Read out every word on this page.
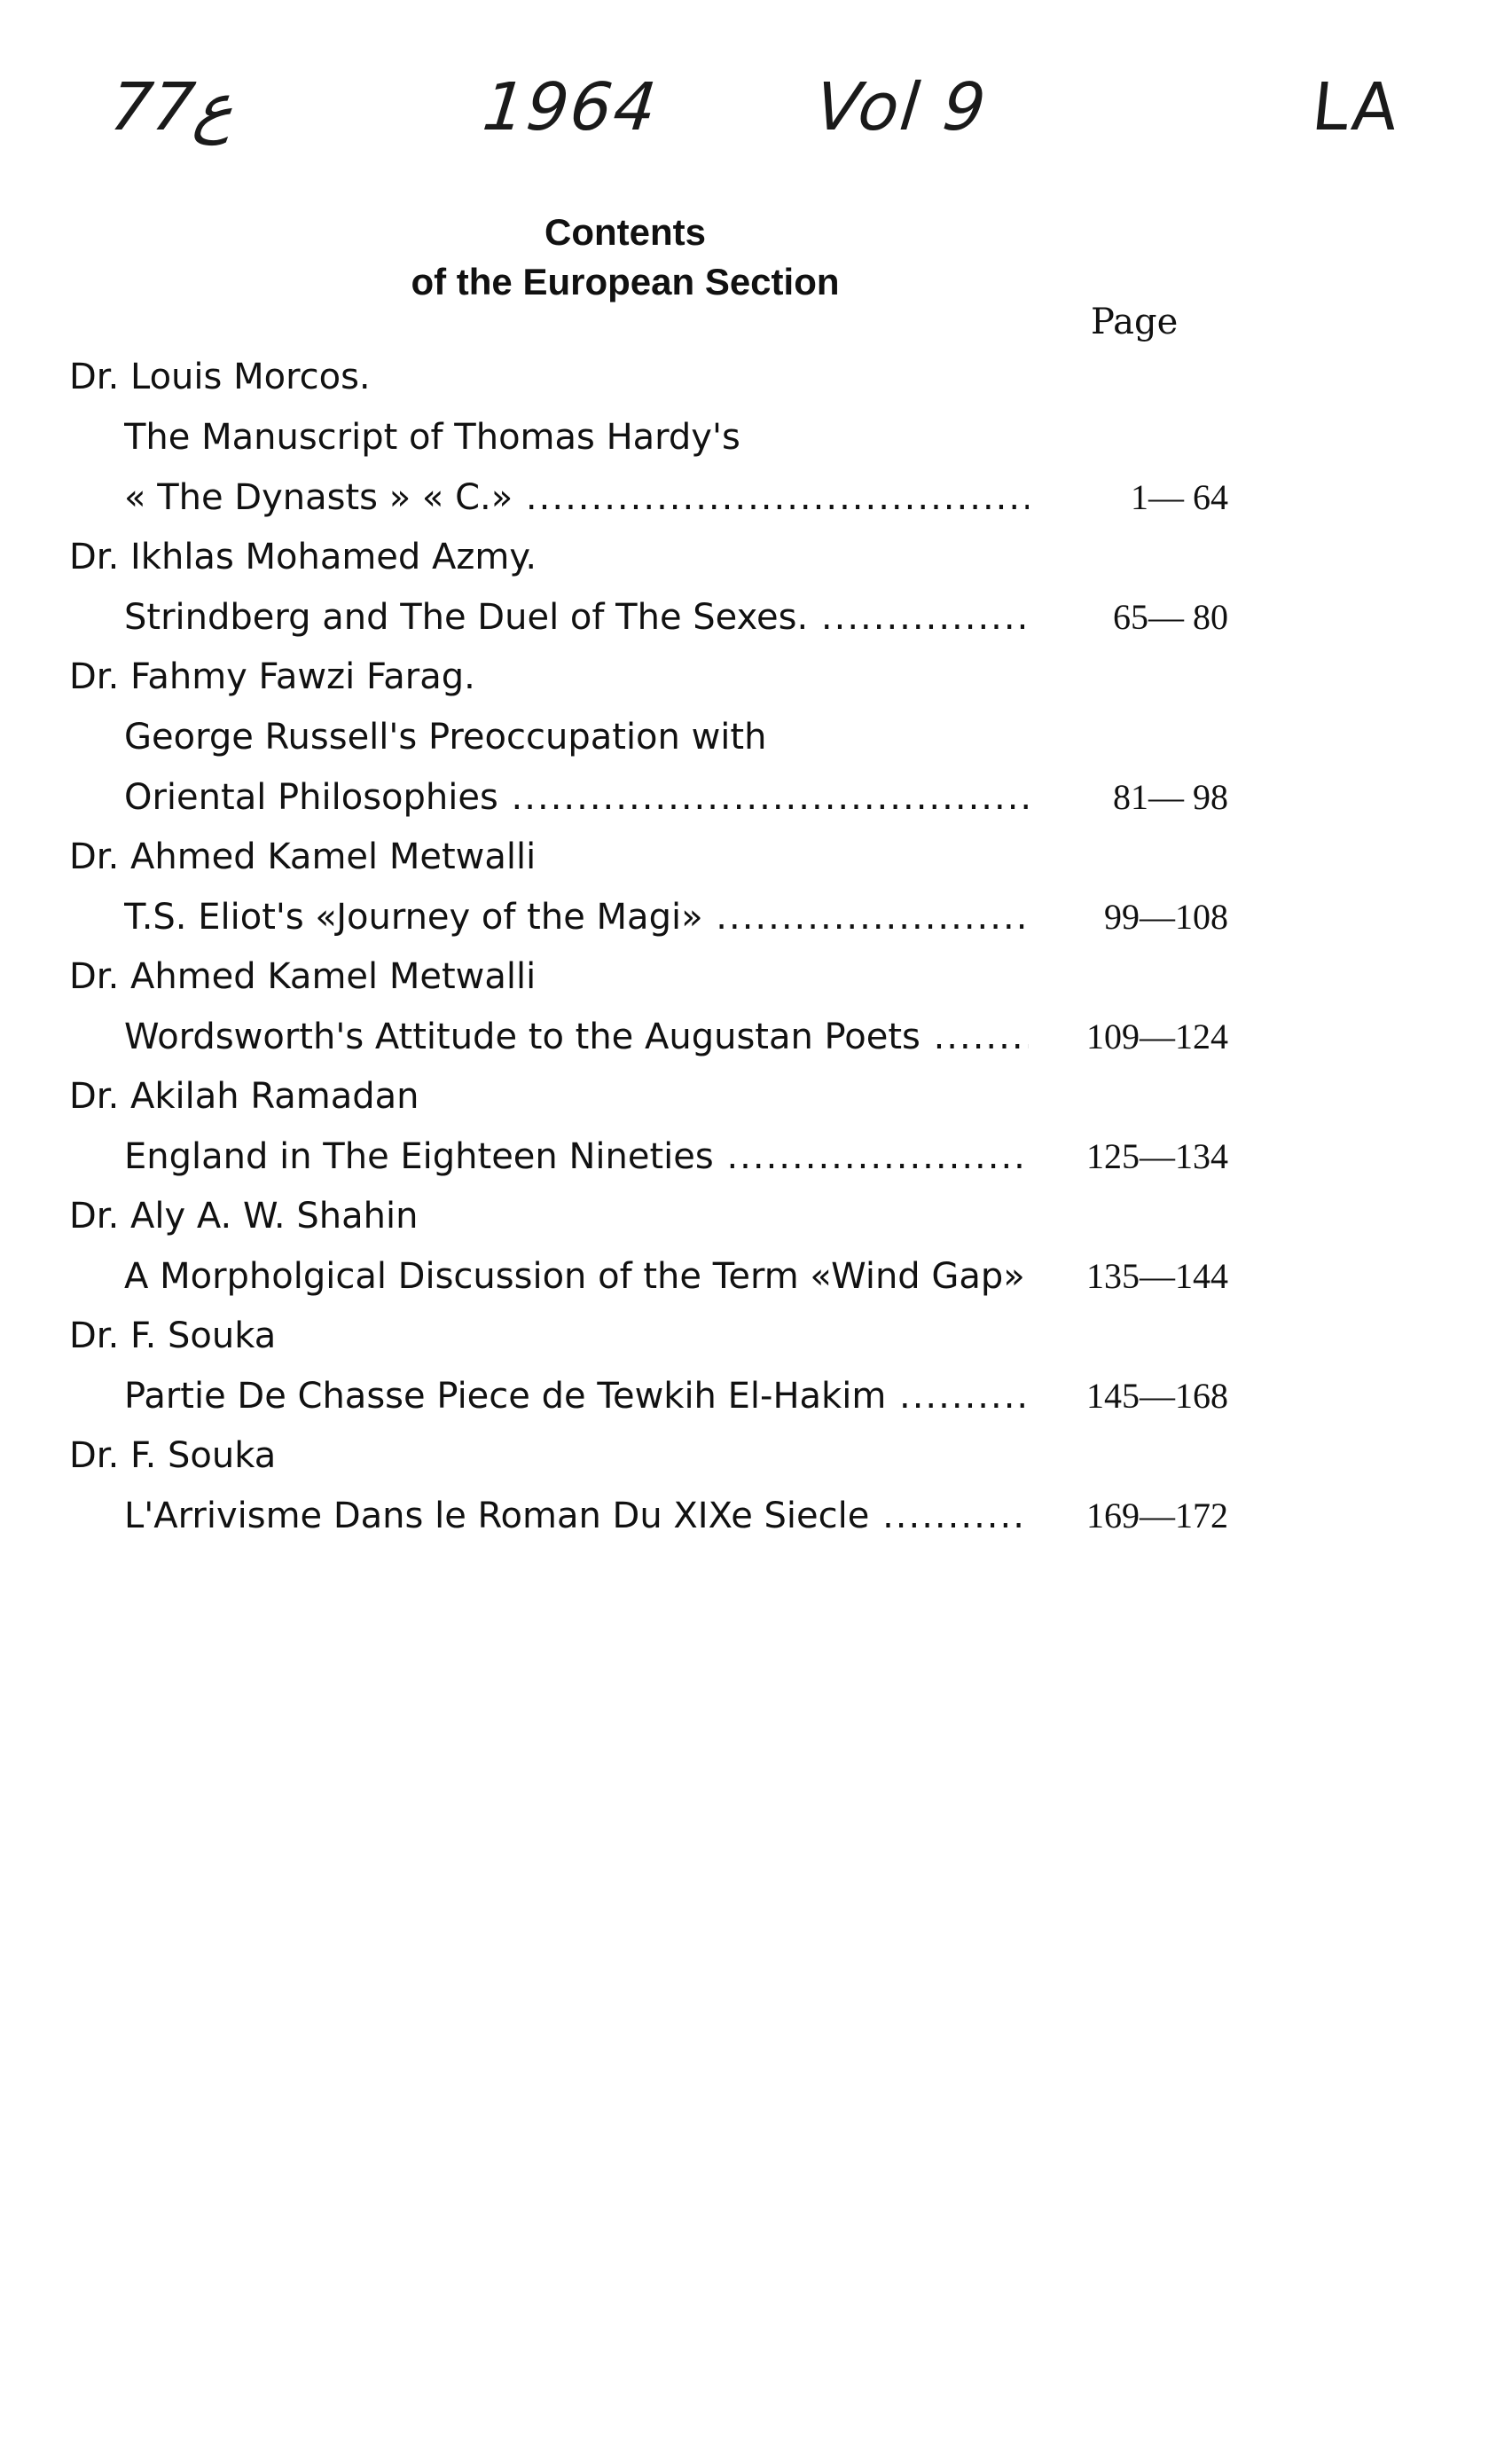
ع77	1964 Vol 9	LA
Contents
of the European Section
Page
Dr. Louis Morcos.
The Manuscript of Thomas Hardy's
« The Dynasts » « C.» .....	1— 64
Dr. Ikhlas Mohamed Azmy.
Strindberg and The Duel of The Sexes. .....	65— 80
Dr. Fahmy Fawzi Farag.
George Russell's Preoccupation with
Oriental Philosophies .....	81— 98
Dr. Ahmed Kamel Metwalli
T.S. Eliot's «Journey of the Magi» .....	99—108
Dr. Ahmed Kamel Metwalli
Wordsworth's Attitude to the Augustan Poets .....	109—124
Dr. Akilah Ramadan
England in The Eighteen Nineties .....	125—134
Dr. Aly A. W. Shahin
A Morpholgical Discussion of the Term «Wind Gap» .....	135—144
Dr. F. Souka
Partie De Chasse Piece de Tewkih El-Hakim .....	145—168
Dr. F. Souka
L'Arrivisme Dans le Roman Du XIXe Siecle .....	169—172
